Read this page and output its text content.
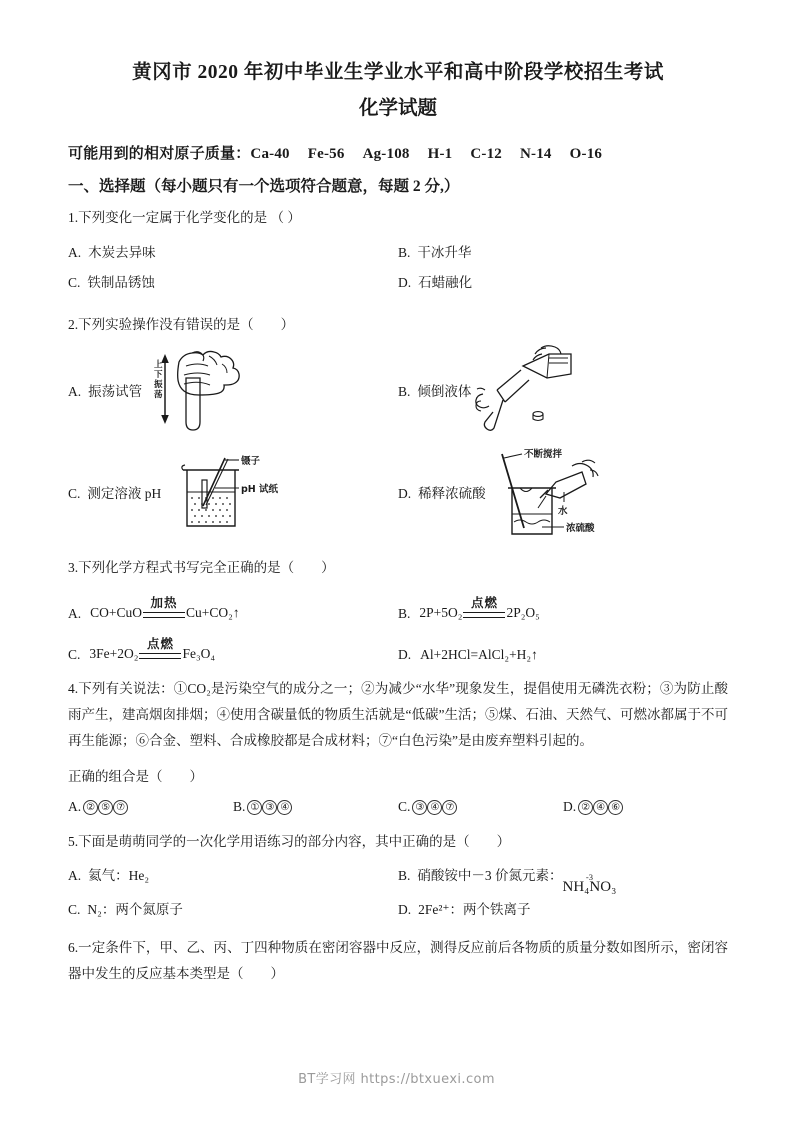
黄冈市 2020 年初中毕业生学业水平和高中阶段学校招生考试
化学试题
可能用到的相对原子质量：Ca-40 Fe-56 Ag-108 H-1 C-12 N-14 O-16
一、选择题（每小题只有一个选项符合题意，每题 2 分,）
1.下列变化一定属于化学变化的是 （ ）
A. 木炭去异味	B. 干冰升华
C. 铁制品锈蚀	D. 石蜡融化
2.下列实验操作没有错误的是（　　）
A. 振荡试管
上
下
振
荡	B. 倾倒液体
C. 测定溶液 pH
镊子
pH 试纸	D. 稀释浓硫酸
不断搅拌
水
浓硫酸
3.下列化学方程式书写完全正确的是（　　）
A. CO+CuO
加热
Cu+CO₂↑	B. 2P+5O₂
点燃
2P₂O₅
C. 3Fe+2O₂
点燃
Fe₃O₄	D. Al+2HCl=AlCl₂+H₂↑
4.下列有关说法：①CO₂是污染空气的成分之一；②为减少“水华”现象发生，提倡使用无磷洗衣粉；③为防止酸雨产生，建高烟囱排烟；④使用含碳量低的物质生活就是“低碳”生活；⑤煤、石油、天然气、可燃冰都属于不可再生能源；⑥合金、塑料、合成橡胶都是合成材料；⑦“白色污染”是由废弃塑料引起的。
正确的组合是（　　）
A. ② ⑤ ⑦	B. ① ③ ④	C. ③ ④ ⑦	D. ② ④ ⑥
5.下面是萌萌同学的一次化学用语练习的部分内容，其中正确的是（　　）
A. 氦气：He₂	B. 硝酸铵中－3 价氮元素：	-3
NH₄NO₃
C. N₂：两个氮原子	D. 2Fe²⁺：两个铁离子
6.一定条件下，甲、乙、丙、丁四种物质在密闭容器中反应，测得反应前后各物质的质量分数如图所示，密闭容器中发生的反应基本类型是（　　）
BT学习网 https://btxuexi.com
